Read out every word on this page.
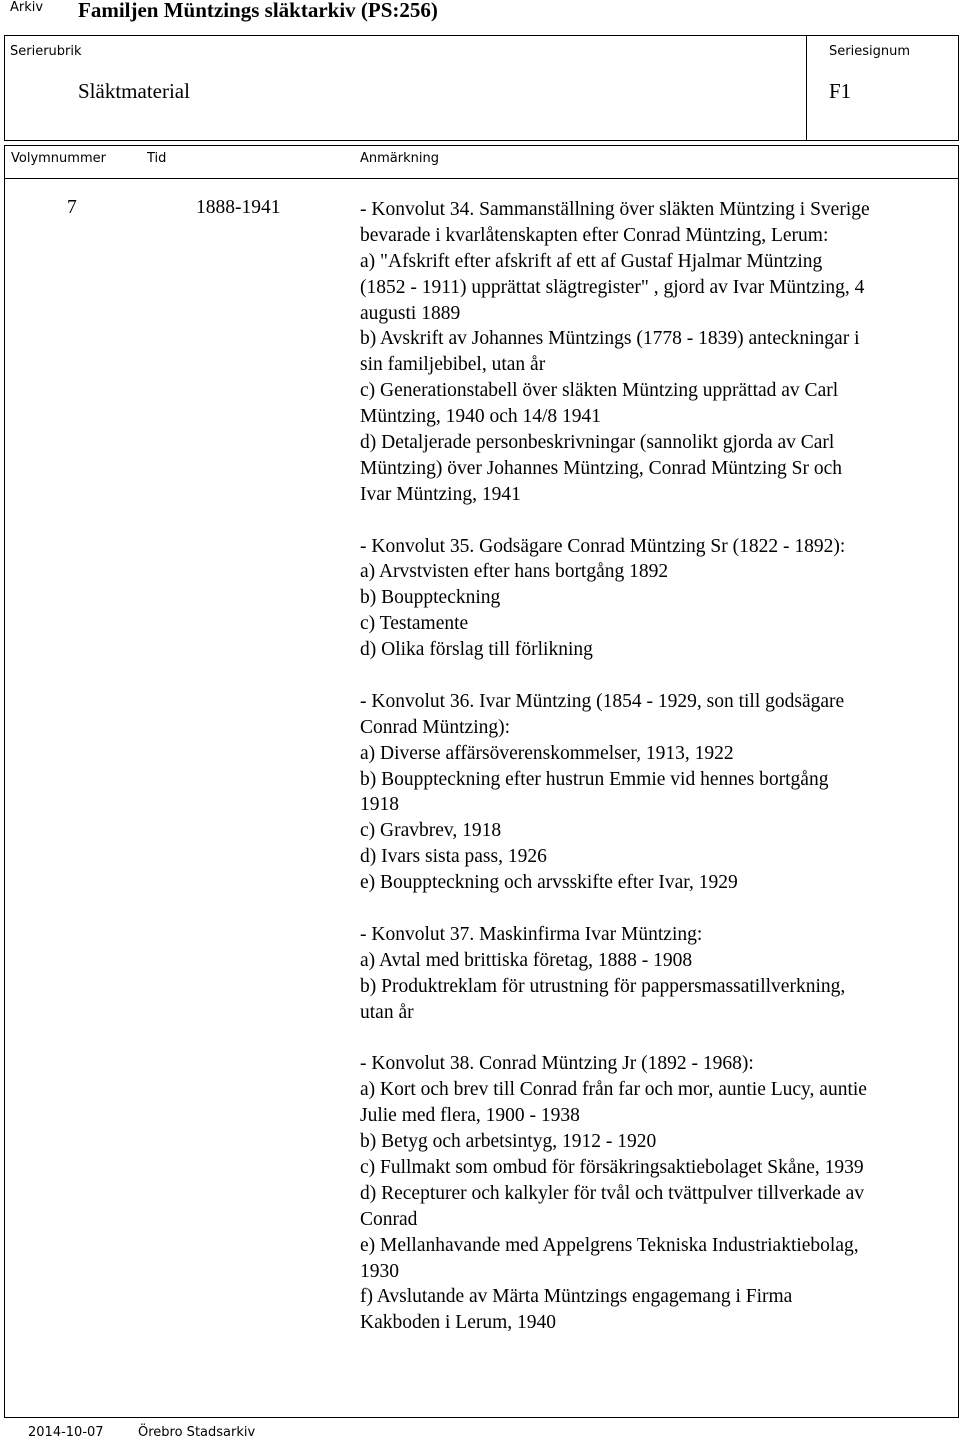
Arkiv Familjen Müntzings släktarkiv (PS:256)
Serierubrik
Släktmaterial
Seriesignum
F1
Volymnummer	Tid	Anmärkning
7	1888-1941	- Konvolut 34. Sammanställning över släkten Müntzing i Sverige
bevarade i kvarlåtenskapten efter Conrad Müntzing, Lerum:
a) "Afskrift efter afskrift af ett af Gustaf Hjalmar Müntzing
(1852 - 1911) upprättat slägtregister" , gjord av Ivar Müntzing, 4
augusti 1889
b) Avskrift av Johannes Müntzings (1778 - 1839) anteckningar i
sin familjebibel, utan år
c) Generationstabell över släkten Müntzing upprättad av Carl
Müntzing, 1940 och 14/8 1941
d) Detaljerade personbeskrivningar (sannolikt gjorda av Carl
Müntzing) över Johannes Müntzing, Conrad Müntzing Sr och
Ivar Müntzing, 1941
- Konvolut 35. Godsägare Conrad Müntzing Sr (1822 - 1892):
a) Arvstvisten efter hans bortgång 1892
b) Bouppteckning
c) Testamente
d) Olika förslag till förlikning
- Konvolut 36. Ivar Müntzing (1854 - 1929, son till godsägare
Conrad Müntzing):
a) Diverse affärsöverenskommelser, 1913, 1922
b) Bouppteckning efter hustrun Emmie vid hennes bortgång
1918
c) Gravbrev, 1918
d) Ivars sista pass, 1926
e) Bouppteckning och arvsskifte efter Ivar, 1929
- Konvolut 37. Maskinfirma Ivar Müntzing:
a) Avtal med brittiska företag, 1888 - 1908
b) Produktreklam för utrustning för pappersmassatillverkning,
utan år
- Konvolut 38. Conrad Müntzing Jr (1892 - 1968):
a) Kort och brev till Conrad från far och mor, auntie Lucy, auntie
Julie med flera, 1900 - 1938
b) Betyg och arbetsintyg, 1912 - 1920
c) Fullmakt som ombud för försäkringsaktiebolaget Skåne, 1939
d) Recepturer och kalkyler för tvål och tvättpulver tillverkade av
Conrad
e) Mellanhavande med Appelgrens Tekniska Industriaktiebolag,
1930
f) Avslutande av Märta Müntzings engagemang i Firma
Kakboden i Lerum, 1940
2014-10-07	Örebro Stadsarkiv
